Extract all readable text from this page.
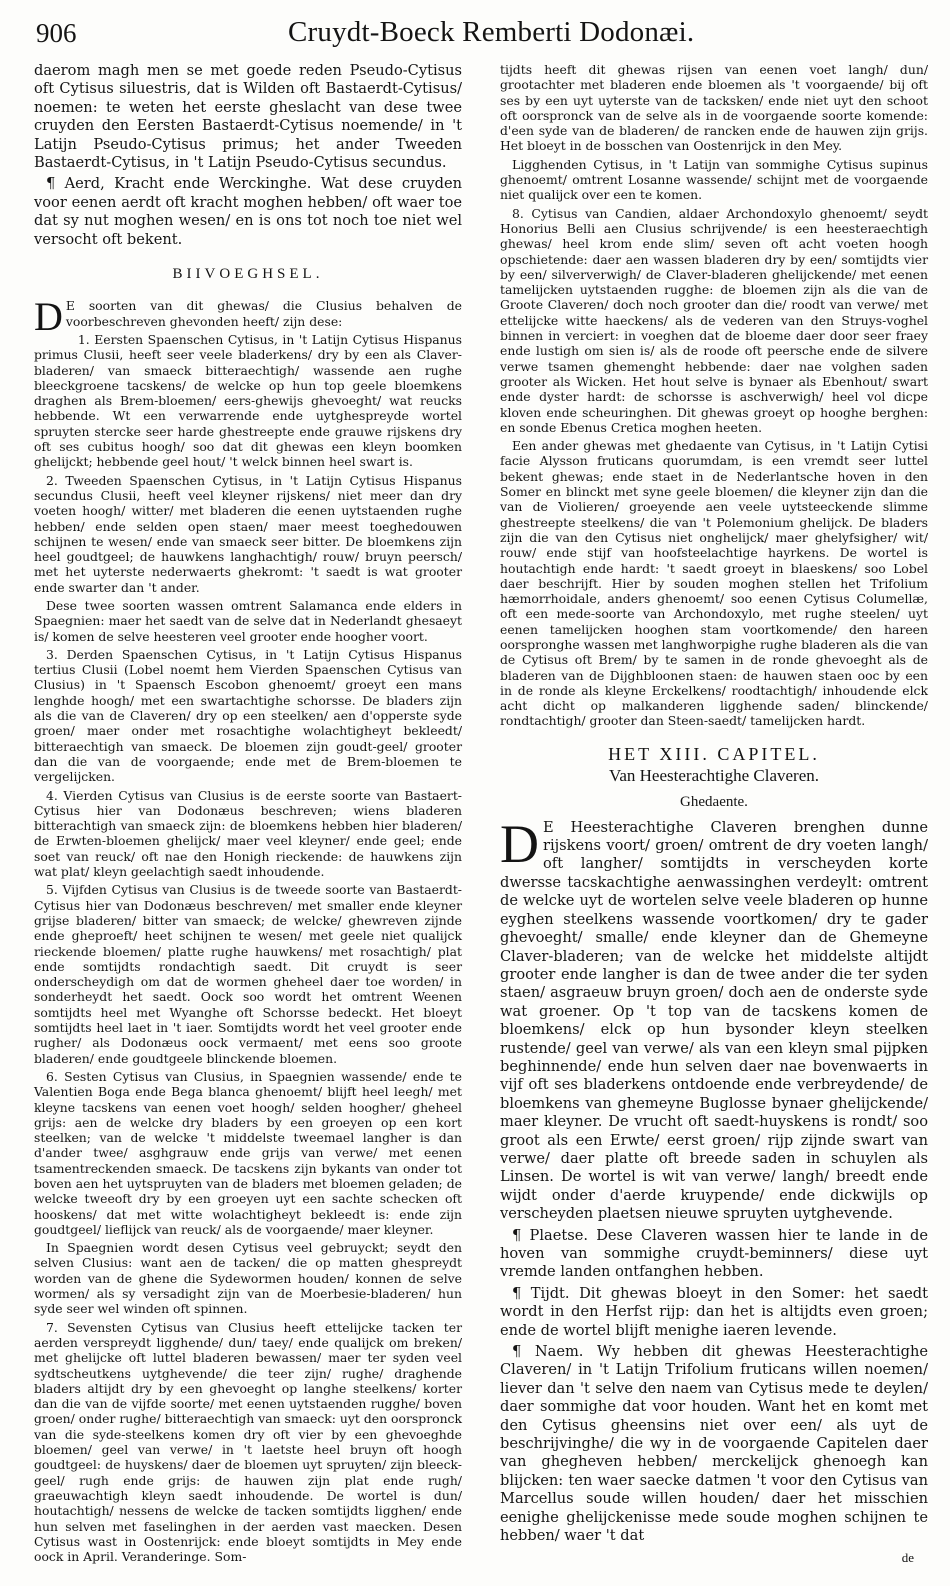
906	Cruydt-Boeck Remberti Dodonæi.

daerom magh men se met goede reden Pseudo-Cytisus oft Cytisus siluestris, dat is Wilden oft Bastaerdt-Cytisus/ noemen: te weten het eerste gheslacht van dese twee cruyden den Eersten Bastaerdt-Cytisus noemende/ in 't Latijn Pseudo-Cytisus primus; het ander Tweeden Bastaerdt-Cytisus, in 't Latijn Pseudo-Cytisus secundus.

¶ Aerd, Kracht ende Werckinghe. Wat dese cruyden voor eenen aerdt oft kracht moghen hebben/ oft waer toe dat sy nut moghen wesen/ en is ons tot noch toe niet wel versocht oft bekent.

BIIVOEGHSEL.

D E soorten van dit ghewas/ die Clusius behalven de voorbeschreven ghevonden heeft/ zijn dese:

1. Eersten Spaenschen Cytisus, in 't Latijn Cytisus Hispanus primus Clusii, heeft seer veele bladerkens/ dry by een als Claver-bladeren/ van smaeck bitteraechtigh/ wassende aen rughe bleeckgroene tacskens/ de welcke op hun top geele bloemkens draghen als Brem-bloemen/ eers-ghewijs ghevoeght/ wat reucks hebbende. Wt een verwarrende ende uytghespreyde wortel spruyten stercke seer harde ghestreepte ende grauwe rijskens dry oft ses cubitus hoogh/ soo dat dit ghewas een kleyn boomken ghelijckt; hebbende geel hout/ 't welck binnen heel swart is.

2. Tweeden Spaenschen Cytisus, in 't Latijn Cytisus Hispanus secundus Clusii, heeft veel kleyner rijskens/ niet meer dan dry voeten hoogh/ witter/ met bladeren die eenen uytstaenden rughe hebben/ ende selden open staen/ maer meest toeghedouwen schijnen te wesen/ ende van smaeck seer bitter. De bloemkens zijn heel goudtgeel; de hauwkens langhachtigh/ rouw/ bruyn peersch/ met het uyterste nederwaerts ghekromt: 't saedt is wat grooter ende swarter dan 't ander.

Dese twee soorten wassen omtrent Salamanca ende elders in Spaegnien: maer het saedt van de selve dat in Nederlandt ghesaeyt is/ komen de selve heesteren veel grooter ende hoogher voort.

3. Derden Spaenschen Cytisus, in 't Latijn Cytisus Hispanus tertius Clusii (Lobel noemt hem Vierden Spaenschen Cytisus van Clusius) in 't Spaensch Escobon ghenoemt/ groeyt een mans lenghde hoogh/ met een swartachtighe schorsse. De bladers zijn als die van de Claveren/ dry op een steelken/ aen d'opperste syde groen/ maer onder met rosachtighe wolachtigheyt bekleedt/ bitteraechtigh van smaeck. De bloemen zijn goudt-geel/ grooter dan die van de voorgaende; ende met de Brem-bloemen te vergelijcken.

4. Vierden Cytisus van Clusius is de eerste soorte van Bastaert-Cytisus hier van Dodonæus beschreven; wiens bladeren bitterachtigh van smaeck zijn: de bloemkens hebben hier bladeren/ de Erwten-bloemen ghelijck/ maer veel kleyner/ ende geel; ende soet van reuck/ oft nae den Honigh rieckende: de hauwkens zijn wat plat/ kleyn geelachtigh saedt inhoudende.

5. Vijfden Cytisus van Clusius is de tweede soorte van Bastaerdt-Cytisus hier van Dodonæus beschreven/ met smaller ende kleyner grijse bladeren/ bitter van smaeck; de welcke/ ghewreven zijnde ende gheproeft/ heet schijnen te wesen/ met geele niet qualijck rieckende bloemen/ platte rughe hauwkens/ met rosachtigh/ plat ende somtijdts rondachtigh saedt. Dit cruydt is seer onderscheydigh om dat de wormen gheheel daer toe worden/ in sonderheydt het saedt. Oock soo wordt het omtrent Weenen somtijdts heel met Wyanghe oft Schorsse bedeckt. Het bloeyt somtijdts heel laet in 't iaer. Somtijdts wordt het veel grooter ende rugher/ als Dodonæus oock vermaent/ met eens soo groote bladeren/ ende goudtgeele blinckende bloemen.

6. Sesten Cytisus van Clusius, in Spaegnien wassende/ ende te Valentien Boga ende Bega blanca ghenoemt/ blijft heel leegh/ met kleyne tacskens van eenen voet hoogh/ selden hoogher/ gheheel grijs: aen de welcke dry bladers by een groeyen op een kort steelken; van de welcke 't middelste tweemael langher is dan d'ander twee/ asghgrauw ende grijs van verwe/ met eenen tsamentreckenden smaeck. De tacskens zijn bykants van onder tot boven aen het uytspruyten van de bladers met bloemen geladen; de welcke tweeoft dry by een groeyen uyt een sachte schecken oft hooskens/ dat met witte wolachtigheyt bekleedt is: ende zijn goudtgeel/ lieflijck van reuck/ als de voorgaende/ maer kleyner.

In Spaegnien wordt desen Cytisus veel gebruyckt; seydt den selven Clusius: want aen de tacken/ die op matten ghespreydt worden van de ghene die Sydewormen houden/ konnen de selve wormen/ als sy versadight zijn van de Moerbesie-bladeren/ hun syde seer wel winden oft spinnen.

7. Sevensten Cytisus van Clusius heeft ettelijcke tacken ter aerden verspreydt ligghende/ dun/ taey/ ende qualijck om breken/ met ghelijcke oft luttel bladeren bewassen/ maer ter syden veel sydtscheutkens uytghevende/ die teer zijn/ rughe/ draghende bladers altijdt dry by een ghevoeght op langhe steelkens/ korter dan die van de vijfde soorte/ met eenen uytstaenden rugghe/ boven groen/ onder rughe/ bitteraechtigh van smaeck: uyt den oorspronck van die syde-steelkens komen dry oft vier by een ghevoeghde bloemen/ geel van verwe/ in 't laetste heel bruyn oft hoogh goudtgeel: de huyskens/ daer de bloemen uyt spruyten/ zijn bleeck-geel/ rugh ende grijs: de hauwen zijn plat ende rugh/ graeuwachtigh kleyn saedt inhoudende. De wortel is dun/ houtachtigh/ nessens de welcke de tacken somtijdts ligghen/ ende hun selven met faselinghen in der aerden vast maecken. Desen Cytisus wast in Oostenrijck: ende bloeyt somtijdts in Mey ende oock in April. Veranderinge. Som-

tijdts heeft dit ghewas rijsen van eenen voet langh/ dun/ grootachter met bladeren ende bloemen als 't voorgaende/ bij oft ses by een uyt uyterste van de tacksken/ ende niet uyt den schoot oft oorspronck van de selve als in de voorgaende soorte komende: d'een syde van de bladeren/ de rancken ende de hauwen zijn grijs. Het bloeyt in de bosschen van Oostenrijck in den Mey.

Ligghenden Cytisus, in 't Latijn van sommighe Cytisus supinus ghenoemt/ omtrent Losanne wassende/ schijnt met de voorgaende niet qualijck over een te komen.

8. Cytisus van Candien, aldaer Archondoxylo ghenoemt/ seydt Honorius Belli aen Clusius schrijvende/ is een heesteraechtigh ghewas/ heel krom ende slim/ seven oft acht voeten hoogh opschietende: daer aen wassen bladeren dry by een/ somtijdts vier by een/ silververwigh/ de Claver-bladeren ghelijckende/ met eenen tamelijcken uytstaenden rugghe: de bloemen zijn als die van de Groote Claveren/ doch noch grooter dan die/ roodt van verwe/ met ettelijcke witte haeckens/ als de vederen van den Struys-voghel binnen in verciert: in voeghen dat de bloeme daer door seer fraey ende lustigh om sien is/ als de roode oft peersche ende de silvere verwe tsamen ghemenght hebbende: daer nae volghen saden grooter als Wicken. Het hout selve is bynaer als Ebenhout/ swart ende dyster hardt: de schorsse is aschverwigh/ heel vol dicpe kloven ende scheuringhen. Dit ghewas groeyt op hooghe berghen: en sonde Ebenus Cretica moghen heeten.

Een ander ghewas met ghedaente van Cytisus, in 't Latijn Cytisi facie Alysson fruticans quorumdam, is een vremdt seer luttel bekent ghewas; ende staet in de Nederlantsche hoven in den Somer en blinckt met syne geele bloemen/ die kleyner zijn dan die van de Violieren/ groeyende aen veele uytsteeckende slimme ghestreepte steelkens/ die van 't Polemonium ghelijck. De bladers zijn die van den Cytisus niet onghelijck/ maer ghelyfsigher/ wit/ rouw/ ende stijf van hoofsteelachtige hayrkens. De wortel is houtachtigh ende hardt: 't saedt groeyt in blaeskens/ soo Lobel daer beschrijft. Hier by souden moghen stellen het Trifolium hæmorrhoidale, anders ghenoemt/ soo eenen Cytisus Columellæ, oft een mede-soorte van Archondoxylo, met rughe steelen/ uyt eenen tamelijcken hooghen stam voortkomende/ den hareen oorspronghe wassen met langhworpighe rughe bladeren als die van de Cytisus oft Brem/ by te samen in de ronde ghevoeght als de bladeren van de Dijghbloonen staen: de hauwen staen ooc by een in de ronde als kleyne Erckelkens/ roodtachtigh/ inhoudende elck acht dicht op malkanderen ligghende saden/ blinckende/ rondtachtigh/ grooter dan Steen-saedt/ tamelijcken hardt.

HET XIII. CAPITEL.
Van Heesterachtighe Claveren.
Ghedaente.

D E Heesterachtighe Claveren brenghen dunne rijskens voort/ groen/ omtrent de dry voeten langh/ oft langher/ somtijdts in verscheyden korte dwersse tacskachtighe aenwassinghen verdeylt: omtrent de welcke uyt de wortelen selve veele bladeren op hunne eyghen steelkens wassende voortkomen/ dry te gader ghevoeght/ smalle/ ende kleyner dan de Ghemeyne Claver-bladeren; van de welcke het middelste altijdt grooter ende langher is dan de twee ander die ter syden staen/ asgraeuw bruyn groen/ doch aen de onderste syde wat groener. Op 't top van de tacskens komen de bloemkens/ elck op hun bysonder kleyn steelken rustende/ geel van verwe/ als van een kleyn smal pijpken beghinnende/ ende hun selven daer nae bovenwaerts in vijf oft ses bladerkens ontdoende ende verbreydende/ de bloemkens van ghemeyne Buglosse bynaer ghelijckende/ maer kleyner. De vrucht oft saedt-huyskens is rondt/ soo groot als een Erwte/ eerst groen/ rijp zijnde swart van verwe/ daer platte oft breede saden in schuylen als Linsen. De wortel is wit van verwe/ langh/ breedt ende wijdt onder d'aerde kruypende/ ende dickwijls op verscheyden plaetsen nieuwe spruyten uytghevende.

¶ Plaetse. Dese Claveren wassen hier te lande in de hoven van sommighe cruydt-beminners/ diese uyt vremde landen ontfanghen hebben.

¶ Tijdt. Dit ghewas bloeyt in den Somer: het saedt wordt in den Herfst rijp: dan het is altijdts even groen; ende de wortel blijft menighe iaeren levende.

¶ Naem. Wy hebben dit ghewas Heesterachtighe Claveren/ in 't Latijn Trifolium fruticans willen noemen/ liever dan 't selve den naem van Cytisus mede te deylen/ daer sommighe dat voor houden. Want het en komt met den Cytisus gheensins niet over een/ als uyt de beschrijvinghe/ die wy in de voorgaende Capitelen daer van ghegheven hebben/ merckelijck ghenoegh kan blijcken: ten waer saecke datmen 't voor den Cytisus van Marcellus soude willen houden/ daer het misschien eenighe ghelijckenisse mede soude moghen schijnen te hebben/ waer 't dat

de
